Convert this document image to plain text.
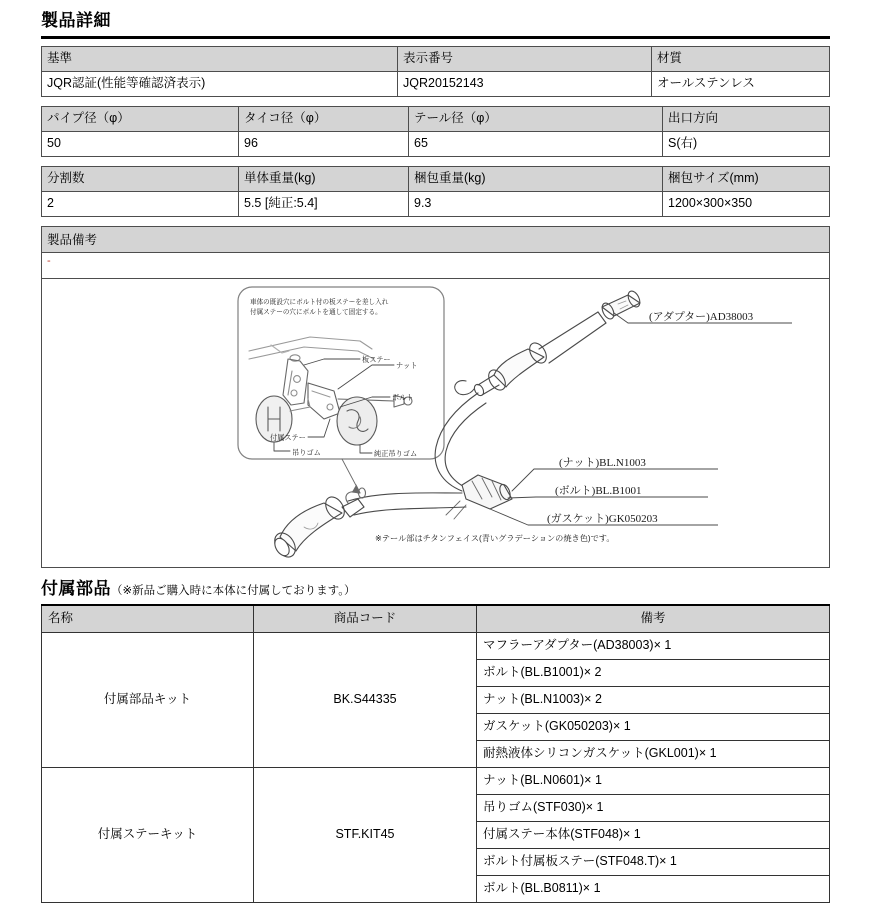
製品詳細
基準	表示番号	材質
JQR認証(性能等確認済表示)	JQR20152143	オールステンレス
パイプ径（φ）	タイコ径（φ）	テール径（φ）	出口方向
50	96	65	S(右)
分割数	単体重量(kg)	梱包重量(kg)	梱包サイズ(mm)
2	5.5 [純正:5.4]	9.3	1200×300×350
製品備考
-

車体の既設穴にボルト付の板ステーを差し入れ
付属ステーの穴にボルトを通して固定する。
板ステー
ナット
ボルト
付属ステー
吊りゴム	純正吊りゴム
(アダプター)AD38003
(ナット)BL.N1003
(ボルト)BL.B1001
(ガスケット)GK050203
※テール部はチタンフェイス(青いグラデーションの焼き色)です。
付属部品（※新品ご購入時に本体に付属しております。）
名称	商品コード	備考
付属部品キット	BK.S44335	マフラーアダプター(AD38003)× 1
		ボルト(BL.B1001)× 2
		ナット(BL.N1003)× 2
		ガスケット(GK050203)× 1
		耐熱液体シリコンガスケット(GKL001)× 1
付属ステーキット	STF.KIT45	ナット(BL.N0601)× 1
		吊りゴム(STF030)× 1
		付属ステー本体(STF048)× 1
		ボルト付属板ステー(STF048.T)× 1
		ボルト(BL.B0811)× 1
